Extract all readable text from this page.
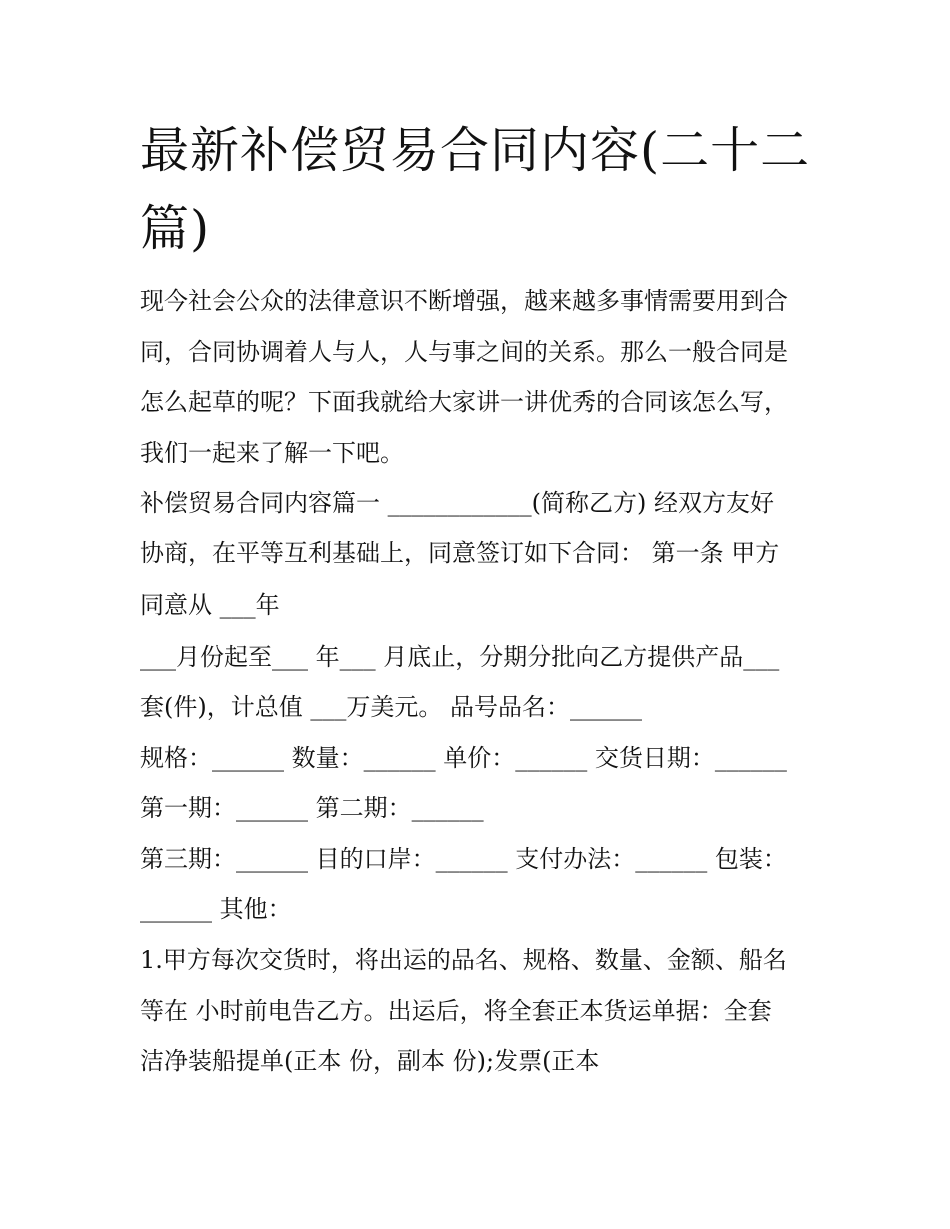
最新补偿贸易合同内容(二十二篇)

现今社会公众的法律意识不断增强，越来越多事情需要用到合
同，合同协调着人与人，人与事之间的关系。那么一般合同是
怎么起草的呢？下面我就给大家讲一讲优秀的合同该怎么写，
我们一起来了解一下吧。

补偿贸易合同内容篇一 ____________(简称乙方) 经双方友好
协商，在平等互利基础上，同意签订如下合同： 第一条 甲方
同意从 ___年
___月份起至___ 年___ 月底止，分期分批向乙方提供产品___
套(件)，计总值 ___万美元。 品号品名：______
规格：______ 数量：______ 单价：______ 交货日期：______
第一期：______ 第二期：______
第三期：______ 目的口岸：______ 支付办法：______ 包装：
______ 其他：
1.甲方每次交货时，将出运的品名、规格、数量、金额、船名
等在 小时前电告乙方。出运后，将全套正本货运单据：全套
洁净装船提单(正本 份，副本 份);发票(正本
